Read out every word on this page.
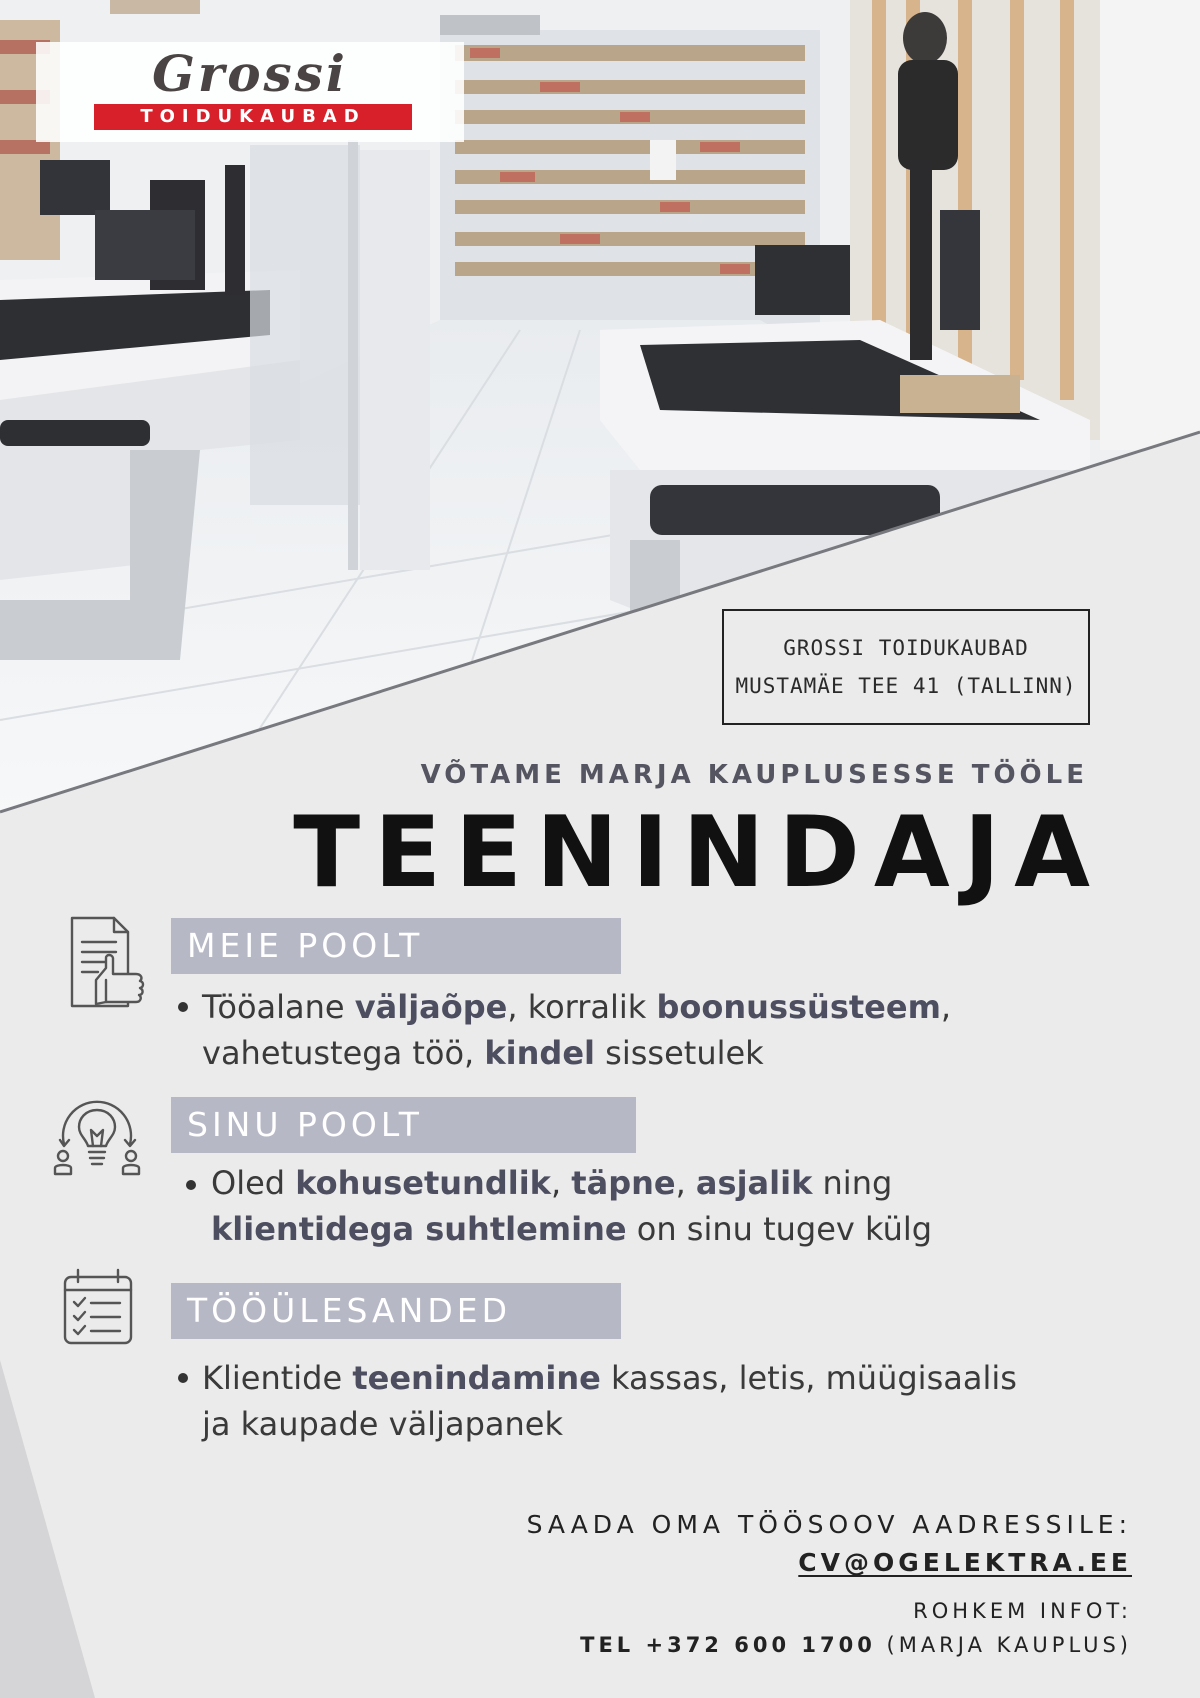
Grossi
TOIDUKAUBAD
GROSSI TOIDUKAUBAD
MUSTAMÄE TEE 41 (TALLINN)
VÕTAME MARJA KAUPLUSESSE TÖÖLE
TEENINDAJA
MEIE POOLT
Tööalane väljaõpe, korralik boonussüsteem,
vahetustega töö, kindel sissetulek
SINU POOLT
Oled kohusetundlik, täpne, asjalik ning
klientidega suhtlemine on sinu tugev külg
TÖÖÜLESANDED
Klientide teenindamine kassas, letis, müügisaalis
ja kaupade väljapanek
SAADA OMA TÖÖSOOV AADRESSILE:
CV@OGELEKTRA.EE
ROHKEM INFOT:
TEL +372 600 1700 (MARJA KAUPLUS)
